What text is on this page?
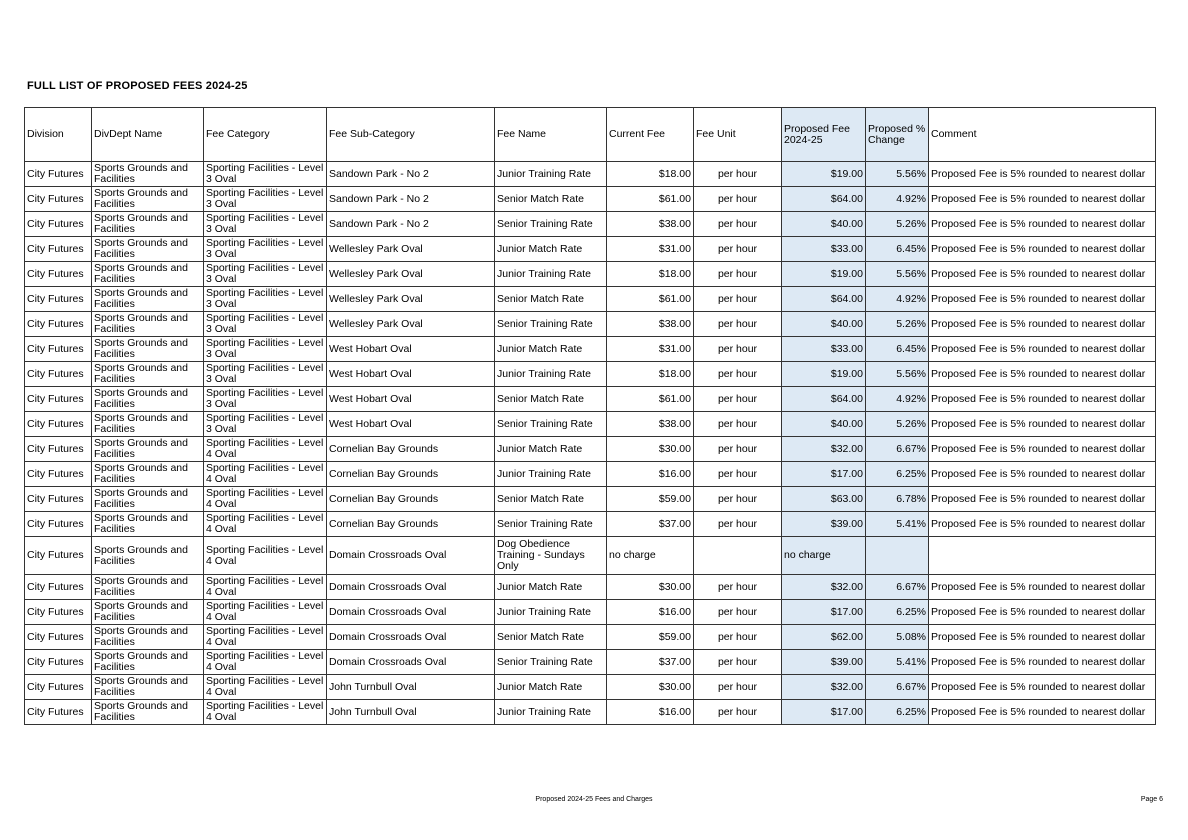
FULL LIST OF PROPOSED FEES 2024-25
Division	DivDept Name	Fee Category	Fee Sub-Category	Fee Name	Current Fee	Fee Unit	Proposed Fee 2024-25	Proposed % Change	Comment
City Futures	Sports Grounds and Facilities	Sporting Facilities - Level 3 Oval	Sandown Park - No 2	Junior Training Rate	$18.00	per hour	$19.00	5.56%	Proposed Fee is 5% rounded to nearest dollar
City Futures	Sports Grounds and Facilities	Sporting Facilities - Level 3 Oval	Sandown Park - No 2	Senior Match Rate	$61.00	per hour	$64.00	4.92%	Proposed Fee is 5% rounded to nearest dollar
City Futures	Sports Grounds and Facilities	Sporting Facilities - Level 3 Oval	Sandown Park - No 2	Senior Training Rate	$38.00	per hour	$40.00	5.26%	Proposed Fee is 5% rounded to nearest dollar
City Futures	Sports Grounds and Facilities	Sporting Facilities - Level 3 Oval	Wellesley Park Oval	Junior Match Rate	$31.00	per hour	$33.00	6.45%	Proposed Fee is 5% rounded to nearest dollar
City Futures	Sports Grounds and Facilities	Sporting Facilities - Level 3 Oval	Wellesley Park Oval	Junior Training Rate	$18.00	per hour	$19.00	5.56%	Proposed Fee is 5% rounded to nearest dollar
City Futures	Sports Grounds and Facilities	Sporting Facilities - Level 3 Oval	Wellesley Park Oval	Senior Match Rate	$61.00	per hour	$64.00	4.92%	Proposed Fee is 5% rounded to nearest dollar
City Futures	Sports Grounds and Facilities	Sporting Facilities - Level 3 Oval	Wellesley Park Oval	Senior Training Rate	$38.00	per hour	$40.00	5.26%	Proposed Fee is 5% rounded to nearest dollar
City Futures	Sports Grounds and Facilities	Sporting Facilities - Level 3 Oval	West Hobart Oval	Junior Match Rate	$31.00	per hour	$33.00	6.45%	Proposed Fee is 5% rounded to nearest dollar
City Futures	Sports Grounds and Facilities	Sporting Facilities - Level 3 Oval	West Hobart Oval	Junior Training Rate	$18.00	per hour	$19.00	5.56%	Proposed Fee is 5% rounded to nearest dollar
City Futures	Sports Grounds and Facilities	Sporting Facilities - Level 3 Oval	West Hobart Oval	Senior Match Rate	$61.00	per hour	$64.00	4.92%	Proposed Fee is 5% rounded to nearest dollar
City Futures	Sports Grounds and Facilities	Sporting Facilities - Level 3 Oval	West Hobart Oval	Senior Training Rate	$38.00	per hour	$40.00	5.26%	Proposed Fee is 5% rounded to nearest dollar
City Futures	Sports Grounds and Facilities	Sporting Facilities - Level 4 Oval	Cornelian Bay Grounds	Junior Match Rate	$30.00	per hour	$32.00	6.67%	Proposed Fee is 5% rounded to nearest dollar
City Futures	Sports Grounds and Facilities	Sporting Facilities - Level 4 Oval	Cornelian Bay Grounds	Junior Training Rate	$16.00	per hour	$17.00	6.25%	Proposed Fee is 5% rounded to nearest dollar
City Futures	Sports Grounds and Facilities	Sporting Facilities - Level 4 Oval	Cornelian Bay Grounds	Senior Match Rate	$59.00	per hour	$63.00	6.78%	Proposed Fee is 5% rounded to nearest dollar
City Futures	Sports Grounds and Facilities	Sporting Facilities - Level 4 Oval	Cornelian Bay Grounds	Senior Training Rate	$37.00	per hour	$39.00	5.41%	Proposed Fee is 5% rounded to nearest dollar
City Futures	Sports Grounds and Facilities	Sporting Facilities - Level 4 Oval	Domain Crossroads Oval	Dog Obedience Training - Sundays Only	no charge		no charge		
City Futures	Sports Grounds and Facilities	Sporting Facilities - Level 4 Oval	Domain Crossroads Oval	Junior Match Rate	$30.00	per hour	$32.00	6.67%	Proposed Fee is 5% rounded to nearest dollar
City Futures	Sports Grounds and Facilities	Sporting Facilities - Level 4 Oval	Domain Crossroads Oval	Junior Training Rate	$16.00	per hour	$17.00	6.25%	Proposed Fee is 5% rounded to nearest dollar
City Futures	Sports Grounds and Facilities	Sporting Facilities - Level 4 Oval	Domain Crossroads Oval	Senior Match Rate	$59.00	per hour	$62.00	5.08%	Proposed Fee is 5% rounded to nearest dollar
City Futures	Sports Grounds and Facilities	Sporting Facilities - Level 4 Oval	Domain Crossroads Oval	Senior Training Rate	$37.00	per hour	$39.00	5.41%	Proposed Fee is 5% rounded to nearest dollar
City Futures	Sports Grounds and Facilities	Sporting Facilities - Level 4 Oval	John Turnbull Oval	Junior Match Rate	$30.00	per hour	$32.00	6.67%	Proposed Fee is 5% rounded to nearest dollar
City Futures	Sports Grounds and Facilities	Sporting Facilities - Level 4 Oval	John Turnbull Oval	Junior Training Rate	$16.00	per hour	$17.00	6.25%	Proposed Fee is 5% rounded to nearest dollar
Proposed 2024-25 Fees and Charges	Page 6
